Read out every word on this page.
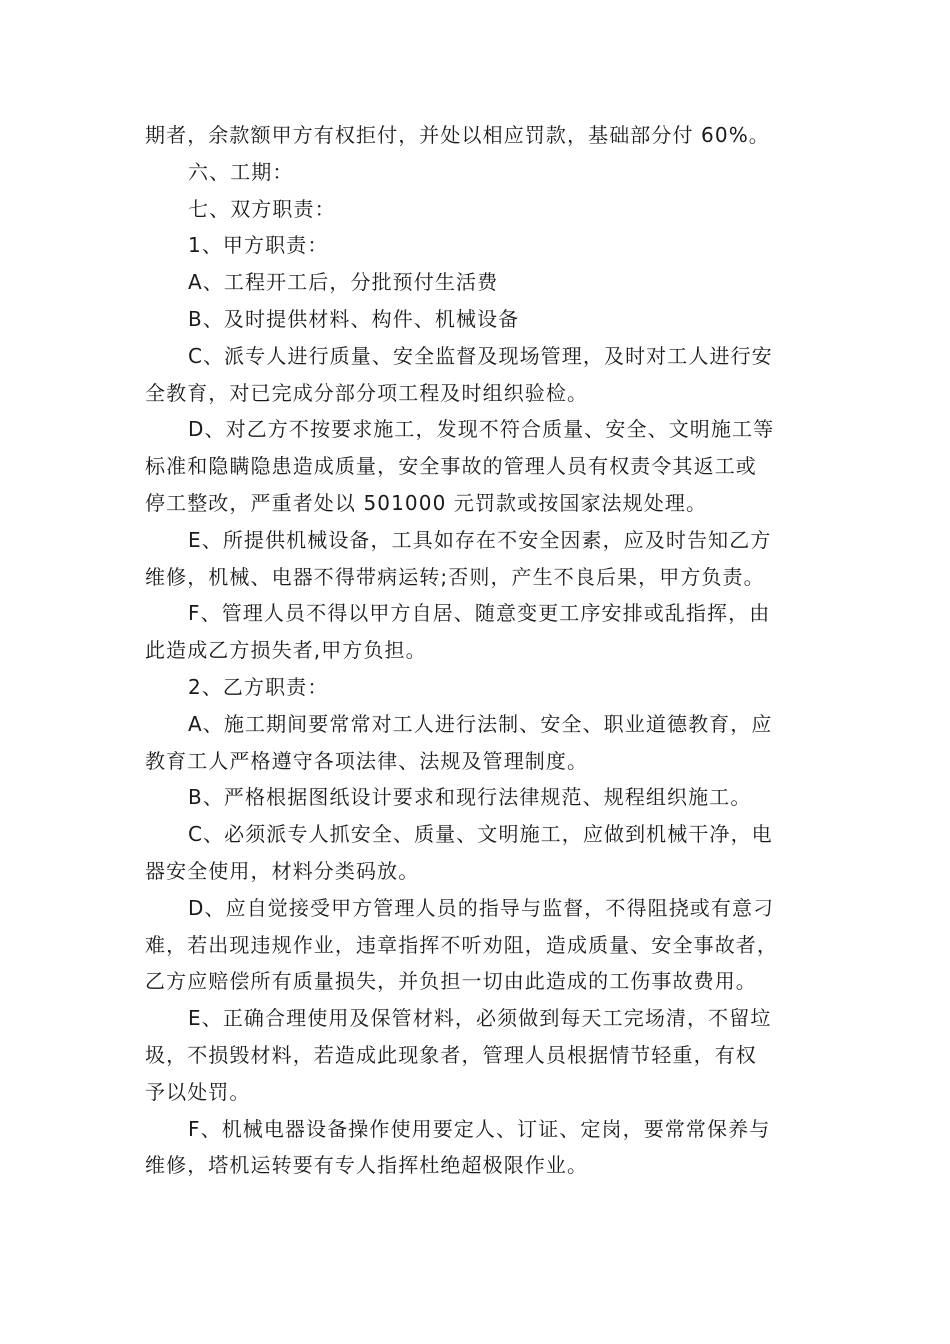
期者，余款额甲方有权拒付，并处以相应罚款，基础部分付 60%。
六、工期：
七、双方职责：
1、甲方职责：
A、工程开工后，分批预付生活费
B、及时提供材料、构件、机械设备
C、派专人进行质量、安全监督及现场管理，及时对工人进行安
全教育，对已完成分部分项工程及时组织验检。
D、对乙方不按要求施工，发现不符合质量、安全、文明施工等
标准和隐瞒隐患造成质量，安全事故的管理人员有权责令其返工或
停工整改，严重者处以 501000 元罚款或按国家法规处理。
E、所提供机械设备，工具如存在不安全因素，应及时告知乙方
维修，机械、电器不得带病运转;否则，产生不良后果，甲方负责。
F、管理人员不得以甲方自居、随意变更工序安排或乱指挥，由
此造成乙方损失者,甲方负担。
2、乙方职责：
A、施工期间要常常对工人进行法制、安全、职业道德教育，应
教育工人严格遵守各项法律、法规及管理制度。
B、严格根据图纸设计要求和现行法律规范、规程组织施工。
C、必须派专人抓安全、质量、文明施工，应做到机械干净，电
器安全使用，材料分类码放。
D、应自觉接受甲方管理人员的指导与监督，不得阻挠或有意刁
难，若出现违规作业，违章指挥不听劝阻，造成质量、安全事故者，
乙方应赔偿所有质量损失，并负担一切由此造成的工伤事故费用。
E、正确合理使用及保管材料，必须做到每天工完场清，不留垃
圾，不损毁材料，若造成此现象者，管理人员根据情节轻重，有权
予以处罚。
F、机械电器设备操作使用要定人、订证、定岗，要常常保养与
维修，塔机运转要有专人指挥杜绝超极限作业。
